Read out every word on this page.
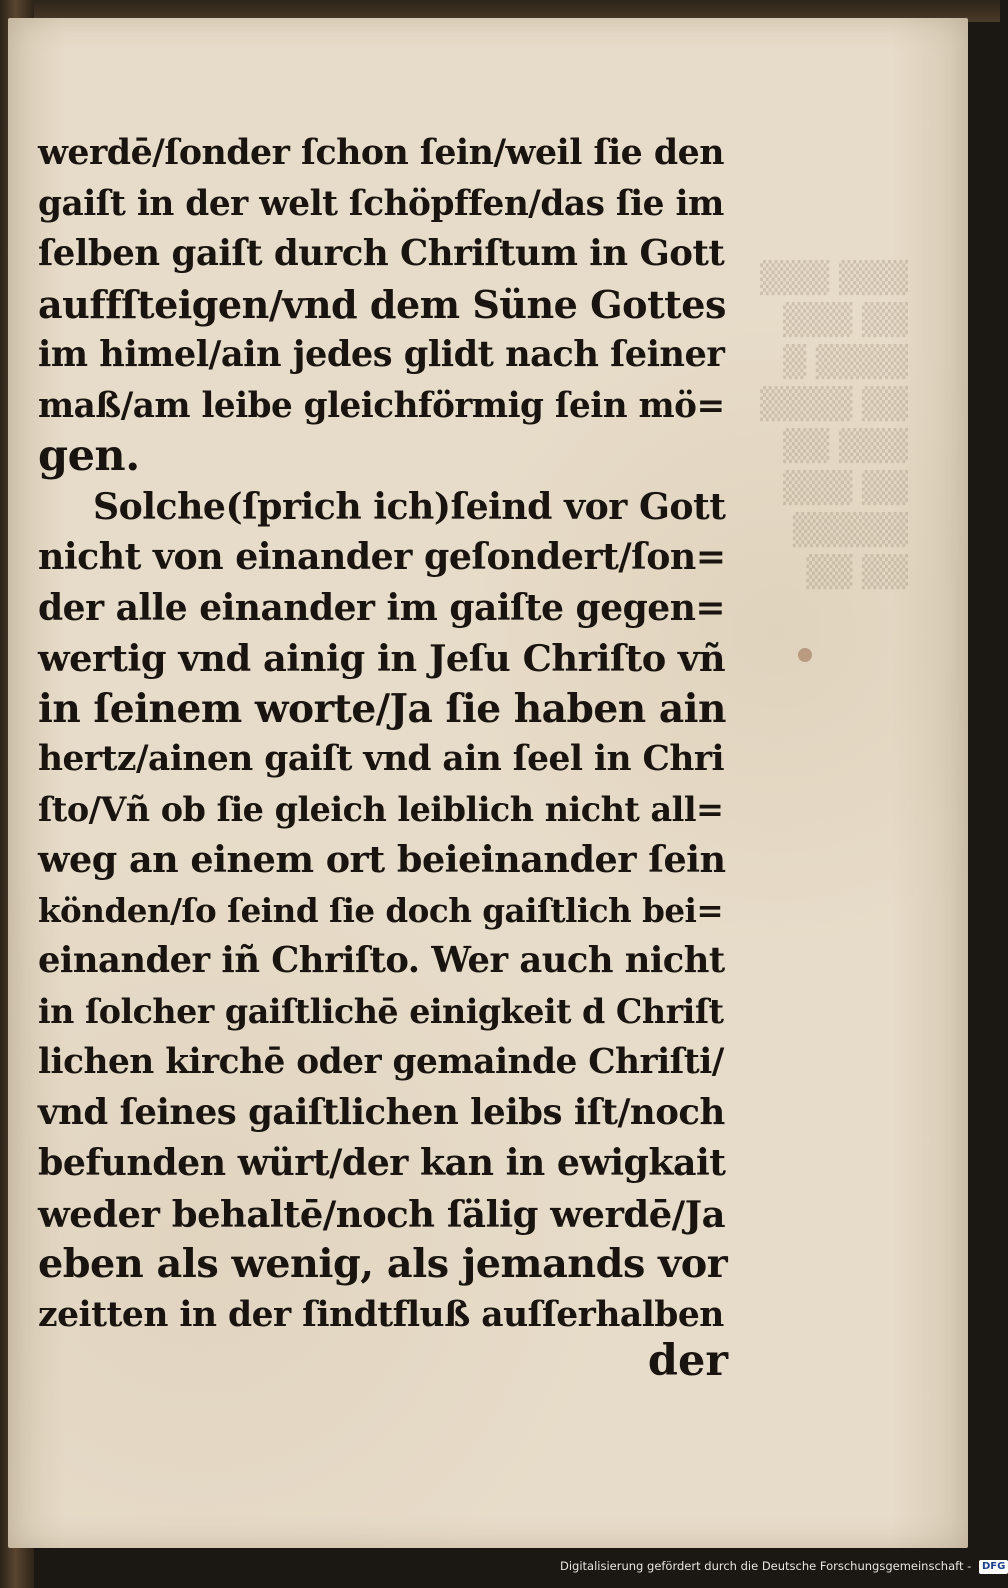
▒▒▒ ▒▒▒
▒▒ ▒▒▒
▒▒▒▒ ▒
▒▒ ▒▒▒▒
▒▒▒ ▒▒
▒▒ ▒▒▒
▒▒▒▒▒
▒▒ ▒▒
werdē/ſonder ſchon ſein/weil ſie den
gaiſt in der welt ſchöpffen/das ſie im
ſelben gaiſt durch Chriſtum in Gott
auffſteigen/vnd dem Süne Gottes
im himel/ain jedes glidt nach ſeiner
maß/am leibe gleichförmig ſein mö=
gen.
Solche(ſprich ich)ſeind vor Gott
nicht von einander geſondert/ſon=
der alle einander im gaiſte gegen=
wertig vnd ainig in Jeſu Chriſto vñ
in ſeinem worte/Ja ſie haben ain
hertz/ainen gaiſt vnd ain ſeel in Chri
ſto/Vñ ob ſie gleich leiblich nicht all=
weg an einem ort beieinander ſein
könden/ſo ſeind ſie doch gaiſtlich bei=
einander iñ Chriſto. Wer auch nicht
in ſolcher gaiſtlichē einigkeit d Chriſt
lichen kirchē oder gemainde Chriſti/
vnd ſeines gaiſtlichen leibs iſt/noch
befunden würt/der kan in ewigkait
weder behaltē/noch ſälig werdē/Ja
eben als wenig, als jemands vor
zeitten in der ſindtfluß auſſerhalben
der
Digitalisierung gefördert durch die Deutsche Forschungsgemeinschaft - DFG
